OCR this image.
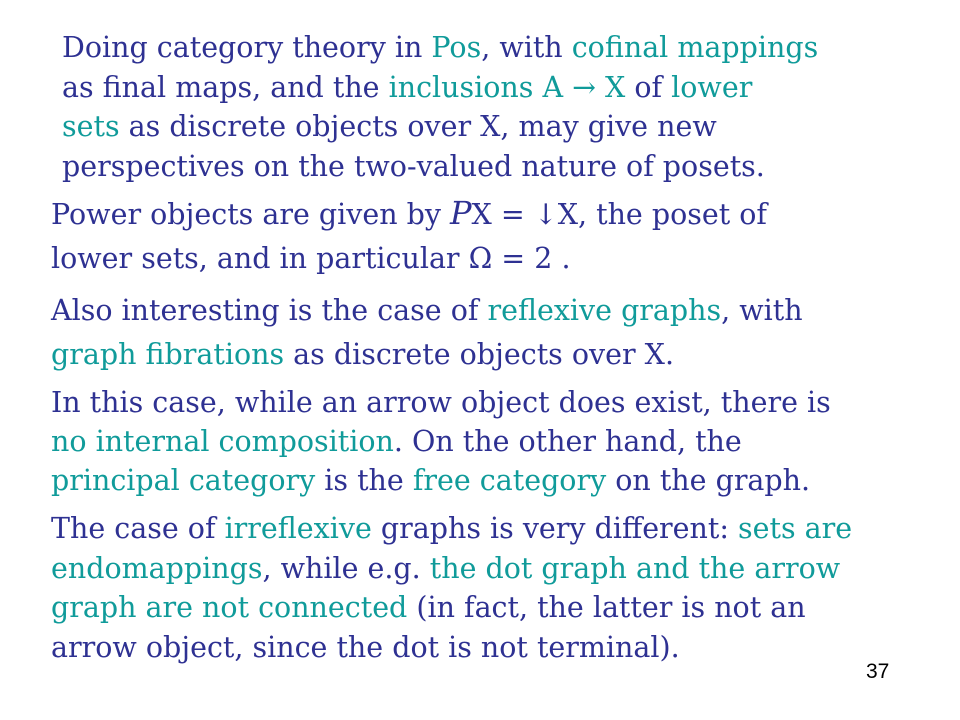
Doing category theory in Pos, with cofinal mappings
as final maps, and the inclusions A → X of lower
sets as discrete objects over X, may give new
perspectives on the two-valued nature of posets.

Power objects are given by PX = ↓X, the poset of
lower sets, and in particular Ω = 2 .

Also interesting is the case of reflexive graphs, with
graph fibrations as discrete objects over X.

In this case, while an arrow object does exist, there is
no internal composition. On the other hand, the
principal category is the free category on the graph.

The case of irreflexive graphs is very different: sets are
endomappings, while e.g. the dot graph and the arrow
graph are not connected (in fact, the latter is not an
arrow object, since the dot is not terminal).

37
